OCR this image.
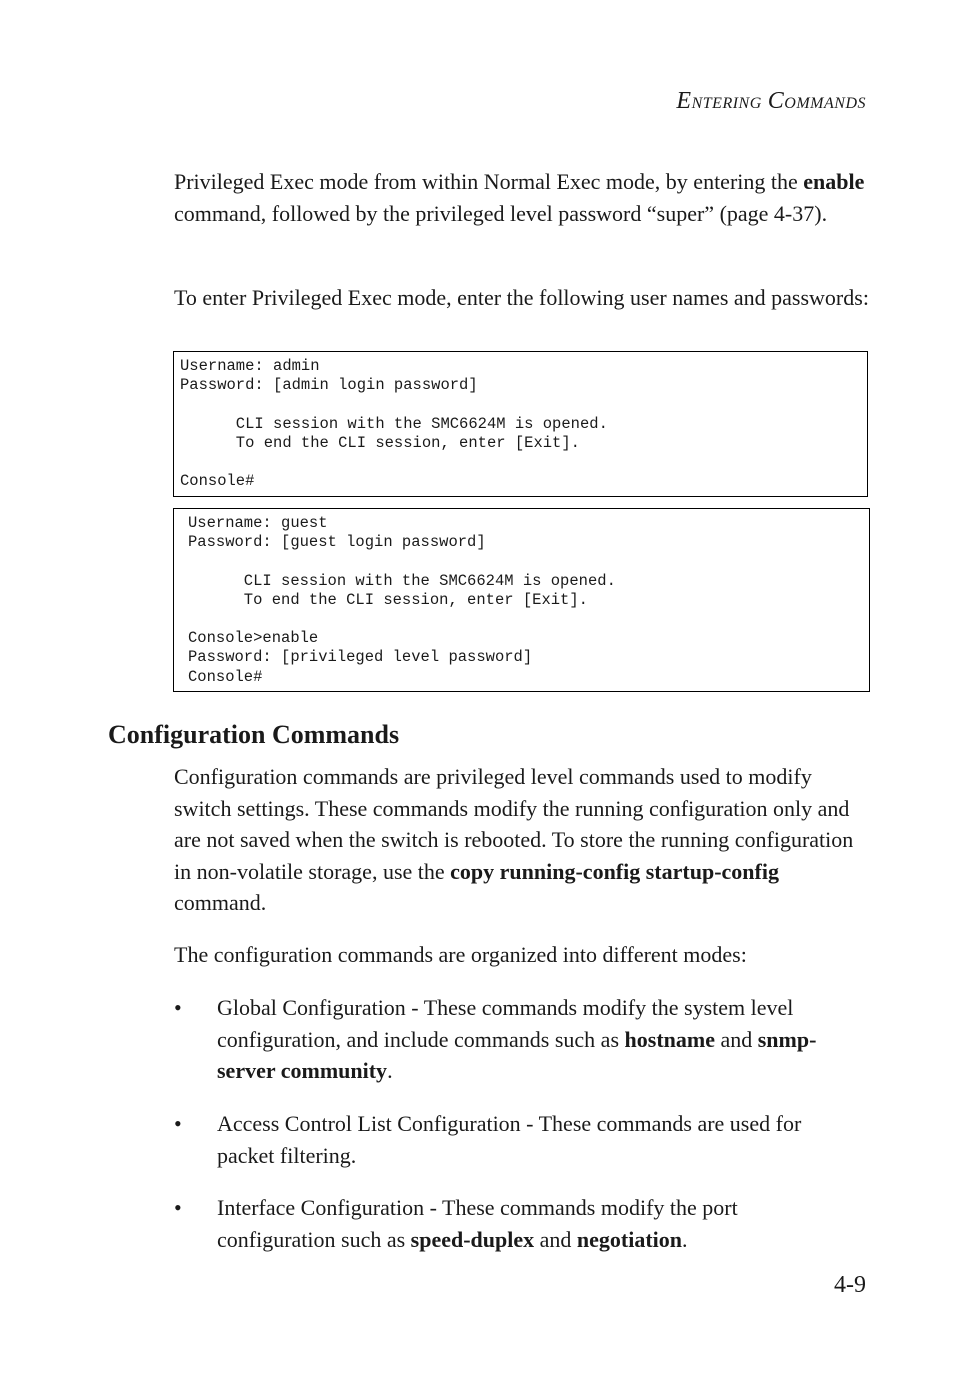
ENTERING COMMANDS

Privileged Exec mode from within Normal Exec mode, by entering the enable command, followed by the privileged level password “super” (page 4-37).

To enter Privileged Exec mode, enter the following user names and passwords:

Username: admin
Password: [admin login password]

CLI session with the SMC6624M is opened.
To end the CLI session, enter [Exit].

Console#
Username: guest
Password: [guest login password]

CLI session with the SMC6624M is opened.
To end the CLI session, enter [Exit].

Console>enable
Password: [privileged level password]
Console#
Configuration Commands

Configuration commands are privileged level commands used to modify switch settings. These commands modify the running configuration only and are not saved when the switch is rebooted. To store the running configuration in non-volatile storage, use the copy running-config startup-config command.

The configuration commands are organized into different modes:

• Global Configuration - These commands modify the system level configuration, and include commands such as hostname and snmp-server community.
• Access Control List Configuration - These commands are used for packet filtering.
• Interface Configuration - These commands modify the port configuration such as speed-duplex and negotiation.
4-9
